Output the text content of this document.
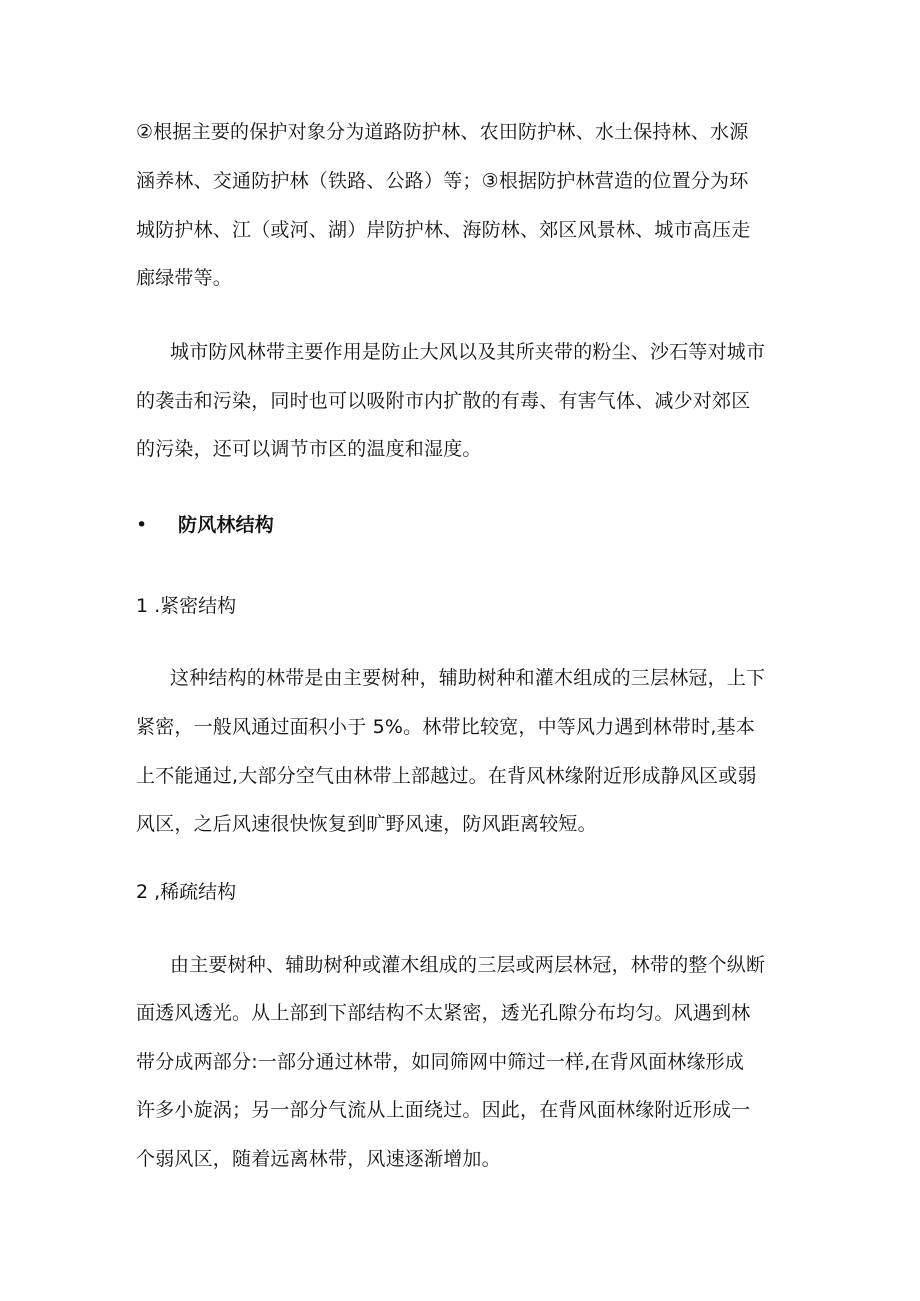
②根据主要的保护对象分为道路防护林、农田防护林、水土保持林、水源
涵养林、交通防护林（铁路、公路）等；③根据防护林营造的位置分为环
城防护林、江（或河、湖）岸防护林、海防林、郊区风景林、城市高压走
廊绿带等。
城市防风林带主要作用是防止大风以及其所夹带的粉尘、沙石等对城市
的袭击和污染，同时也可以吸附市内扩散的有毒、有害气体、减少对郊区
的污染，还可以调节市区的温度和湿度。
• 防风林结构
1 .紧密结构
这种结构的林带是由主要树种，辅助树种和灌木组成的三层林冠，上下
紧密，一般风通过面积小于 5%。林带比较宽，中等风力遇到林带时,基本
上不能通过,大部分空气由林带上部越过。在背风林缘附近形成静风区或弱
风区，之后风速很快恢复到旷野风速，防风距离较短。
2 ,稀疏结构
由主要树种、辅助树种或灌木组成的三层或两层林冠，林带的整个纵断
面透风透光。从上部到下部结构不太紧密，透光孔隙分布均匀。风遇到林
带分成两部分:一部分通过林带，如同筛网中筛过一样,在背风面林缘形成
许多小旋涡；另一部分气流从上面绕过。因此，在背风面林缘附近形成一
个弱风区，随着远离林带，风速逐渐增加。
